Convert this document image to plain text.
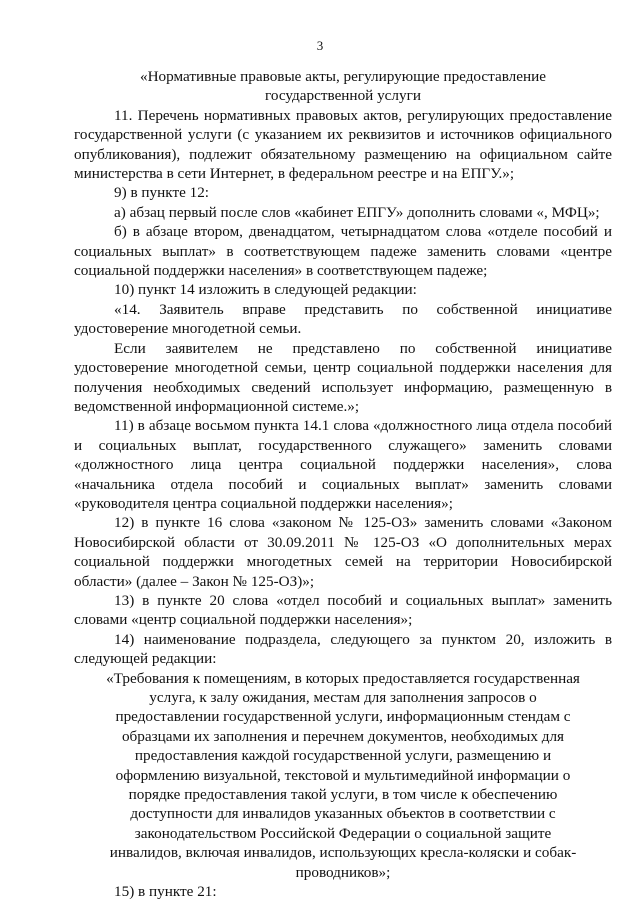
3

«Нормативные правовые акты, регулирующие предоставление государственной услуги

11. Перечень нормативных правовых актов, регулирующих предоставление государственной услуги (с указанием их реквизитов и источников официального опубликования), подлежит обязательному размещению на официальном сайте министерства в сети Интернет, в федеральном реестре и на ЕПГУ.»;

9) в пункте 12:

а) абзац первый после слов «кабинет ЕПГУ» дополнить словами «, МФЦ»;

б) в абзаце втором, двенадцатом, четырнадцатом слова «отделе пособий и социальных выплат» в соответствующем падеже заменить словами «центре социальной поддержки населения» в соответствующем падеже;

10) пункт 14 изложить в следующей редакции:

«14. Заявитель вправе представить по собственной инициативе удостоверение многодетной семьи.

Если заявителем не представлено по собственной инициативе удостоверение многодетной семьи, центр социальной поддержки населения для получения необходимых сведений использует информацию, размещенную в ведомственной информационной системе.»;

11) в абзаце восьмом пункта 14.1 слова «должностного лица отдела пособий и социальных выплат, государственного служащего» заменить словами «должностного лица центра социальной поддержки населения», слова «начальника отдела пособий и социальных выплат» заменить словами «руководителя центра социальной поддержки населения»;

12) в пункте 16 слова «законом № 125-ОЗ» заменить словами «Законом Новосибирской области от 30.09.2011 № 125-ОЗ «О дополнительных мерах социальной поддержки многодетных семей на территории Новосибирской области» (далее – Закон № 125-ОЗ)»;

13) в пункте 20 слова «отдел пособий и социальных выплат» заменить словами «центр социальной поддержки населения»;

14) наименование подраздела, следующего за пунктом 20, изложить в следующей редакции:

«Требования к помещениям, в которых предоставляется государственная услуга, к залу ожидания, местам для заполнения запросов о предоставлении государственной услуги, информационным стендам с образцами их заполнения и перечнем документов, необходимых для предоставления каждой государственной услуги, размещению и оформлению визуальной, текстовой и мультимедийной информации о порядке предоставления такой услуги, в том числе к обеспечению доступности для инвалидов указанных объектов в соответствии с законодательством Российской Федерации о социальной защите инвалидов, включая инвалидов, использующих кресла-коляски и собак-проводников»;

15) в пункте 21:
